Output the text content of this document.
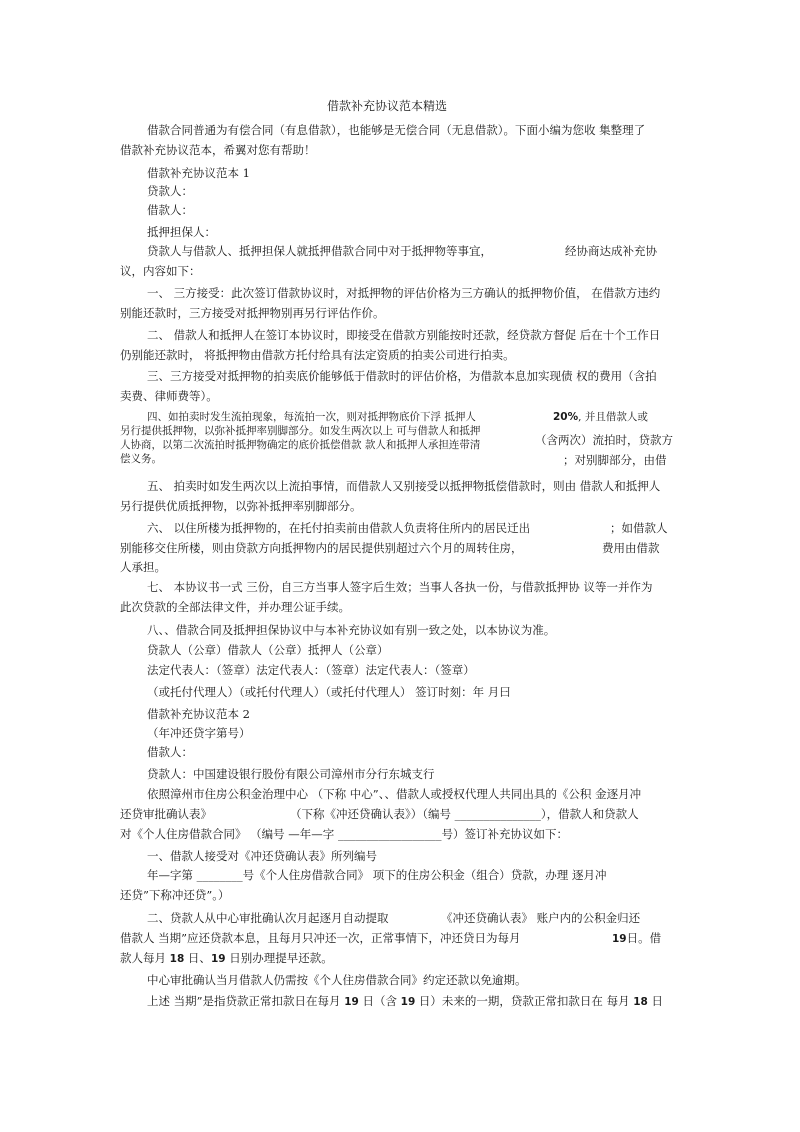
借款补充协议范本精选
借款合同普通为有偿合同（有息借款），也能够是无偿合同（无息借款）。下面小编为您收 集整理了
借款补充协议范本，希翼对您有帮助！
借款补充协议范本 1
贷款人：
借款人：
抵押担保人：
贷款人与借款人、抵押担保人就抵押借款合同中对于抵押物等事宜，	经协商达成补充协
议，内容如下：
一、 三方接受：此次签订借款协议时，对抵押物的评估价格为三方确认的抵押物价值， 在借款方违约
别能还款时，三方接受对抵押物别再另行评估作价。
二、 借款人和抵押人在签订本协议时，即接受在借款方别能按时还款，经贷款方督促 后在十个工作日
仍别能还款时， 将抵押物由借款方托付给具有法定资质的拍卖公司进行拍卖。
三、三方接受对抵押物的拍卖底价能够低于借款时的评估价格，为借款本息加实现债 权的费用（含拍
卖费、律师费等）。
四、如拍卖时发生流拍现象，每流拍一次，则对抵押物底价下浮 抵押人	20%, 并且借款人或
另行提供抵押物，以弥补抵押率别脚部分。如发生两次以上 可与借款人和抵押
人协商，以第二次流拍时抵押物确定的底价抵偿借款 款人和抵押人承担连带清	（含两次）流拍时，贷款方
偿义务。	；对别脚部分，由借
五、 拍卖时如发生两次以上流拍事情，而借款人又别接受以抵押物抵偿借款时，则由 借款人和抵押人
另行提供优质抵押物，以弥补抵押率别脚部分。
六、 以住所楼为抵押物的，在托付拍卖前由借款人负责将住所内的居民迁出	；如借款人
别能移交住所楼，则由贷款方向抵押物内的居民提供别超过六个月的周转住房，	费用由借款
人承担。
七、 本协议书一式 三份，自三方当事人签字后生效；当事人各执一份，与借款抵押协 议等一并作为
此次贷款的全部法律文件，并办理公证手续。
八、、借款合同及抵押担保协议中与本补充协议如有别一致之处，以本协议为准。
贷款人（公章）借款人（公章）抵押人（公章）
法定代表人：（签章）法定代表人：（签章）法定代表人：（签章）
（或托付代理人）（或托付代理人）（或托付代理人） 签订时刻：年 月曰
借款补充协议范本 2
（年冲还贷字第号）
借款人：
贷款人：中国建设银行股份有限公司漳州市分行东城支行
依照漳州市住房公积金治理中心 （下称 中心”、、借款人或授权代理人共同出具的《公积 金逐月冲
还贷审批确认表》	（下称《冲还贷确认表》）（编号 _______________），借款人和贷款人
对《个人住房借款合同》 （编号 —年—字 __________________号）签订补充协议如下：
一、借款人接受对《冲还贷确认表》所列编号
年—字第 ________号《个人住房借款合同》 项下的住房公积金（组合）贷款，办理 逐月冲
还贷”下称冲还贷”。）
二、贷款人从中心审批确认次月起逐月自动提取	《冲还贷确认表》 账户内的公积金归还
借款人 当期”应还贷款本息，且每月只冲还一次，正常事情下，冲还贷日为每月	19日。借
款人每月 18 日、19 日别办理提早还款。
中心审批确认当月借款人仍需按《个人住房借款合同》约定还款以免逾期。
上述 当期”是指贷款正常扣款日在每月 19 日（含 19 日）未来的一期，贷款正常扣款日在 每月 18 日
